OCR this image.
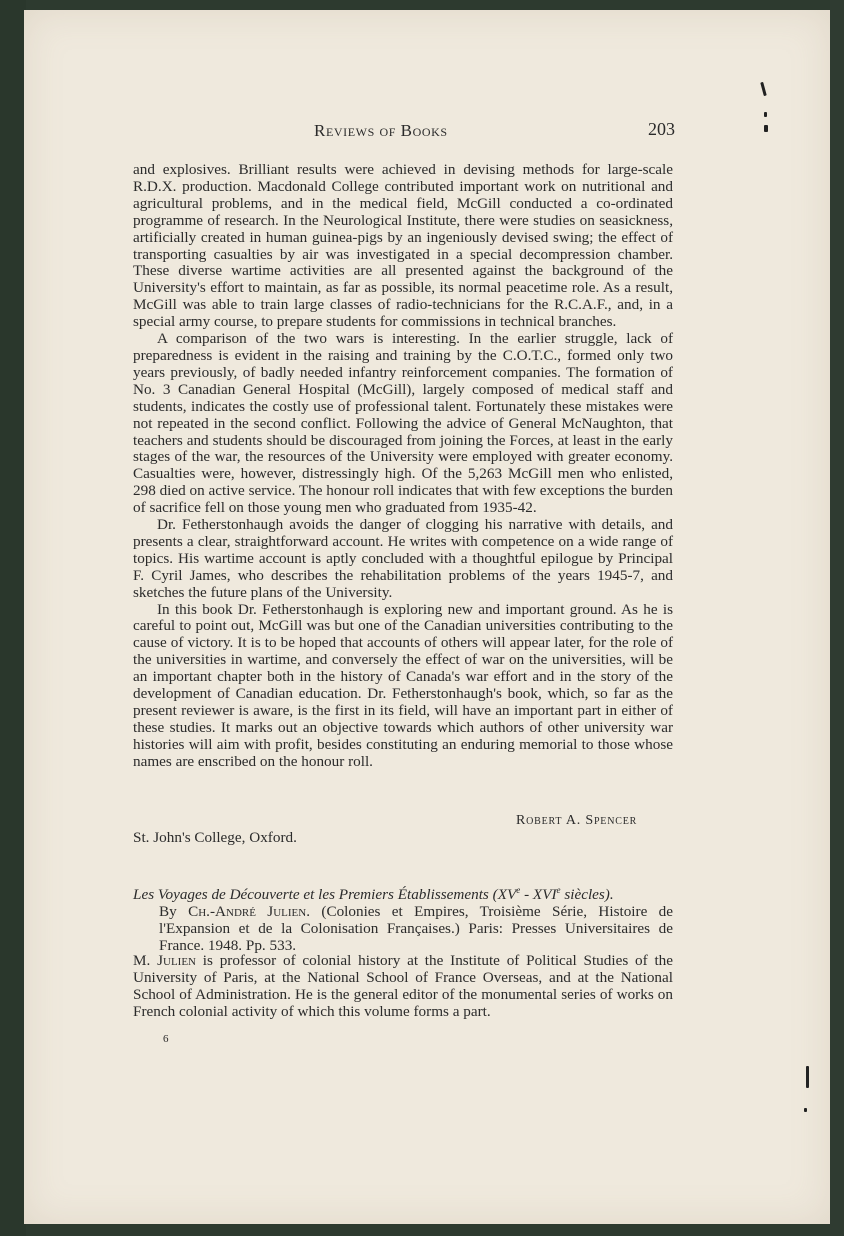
Reviews of Books	203

and explosives. Brilliant results were achieved in devising methods for large-scale R.D.X. production. Macdonald College contributed important work on nutritional and agricultural problems, and in the medical field, McGill conducted a co-ordinated programme of research. In the Neurological Institute, there were studies on seasickness, artificially created in human guinea-pigs by an ingeniously devised swing; the effect of transporting casualties by air was investigated in a special decompression chamber. These diverse wartime activities are all presented against the background of the University's effort to maintain, as far as possible, its normal peacetime role. As a result, McGill was able to train large classes of radio-technicians for the R.C.A.F., and, in a special army course, to prepare students for commissions in technical branches.

A comparison of the two wars is interesting. In the earlier struggle, lack of preparedness is evident in the raising and training by the C.O.T.C., formed only two years previously, of badly needed infantry reinforcement companies. The formation of No. 3 Canadian General Hospital (McGill), largely composed of medical staff and students, indicates the costly use of professional talent. Fortunately these mistakes were not repeated in the second conflict. Following the advice of General McNaughton, that teachers and students should be discouraged from joining the Forces, at least in the early stages of the war, the resources of the University were employed with greater economy. Casualties were, however, distressingly high. Of the 5,263 McGill men who enlisted, 298 died on active service. The honour roll indicates that with few exceptions the burden of sacrifice fell on those young men who graduated from 1935-42.

Dr. Fetherstonhaugh avoids the danger of clogging his narrative with details, and presents a clear, straightforward account. He writes with competence on a wide range of topics. His wartime account is aptly concluded with a thoughtful epilogue by Principal F. Cyril James, who describes the rehabilitation problems of the years 1945-7, and sketches the future plans of the University.

In this book Dr. Fetherstonhaugh is exploring new and important ground. As he is careful to point out, McGill was but one of the Canadian universities contributing to the cause of victory. It is to be hoped that accounts of others will appear later, for the role of the universities in wartime, and conversely the effect of war on the universities, will be an important chapter both in the history of Canada's war effort and in the story of the development of Canadian education. Dr. Fetherstonhaugh's book, which, so far as the present reviewer is aware, is the first in its field, will have an important part in either of these studies. It marks out an objective towards which authors of other university war histories will aim with profit, besides constituting an enduring memorial to those whose names are enscribed on the honour roll.

Robert A. Spencer
St. John's College, Oxford.
Les Voyages de Découverte et les Premiers Établissements (XVe - XVIe siècles).
By Ch.-André Julien. (Colonies et Empires, Troisième Série, Histoire de l'Expansion et de la Colonisation Françaises.) Paris: Presses Universitaires de France. 1948. Pp. 533.
M. Julien is professor of colonial history at the Institute of Political Studies of the University of Paris, at the National School of France Overseas, and at the National School of Administration. He is the general editor of the monumental series of works on French colonial activity of which this volume forms a part.
6
